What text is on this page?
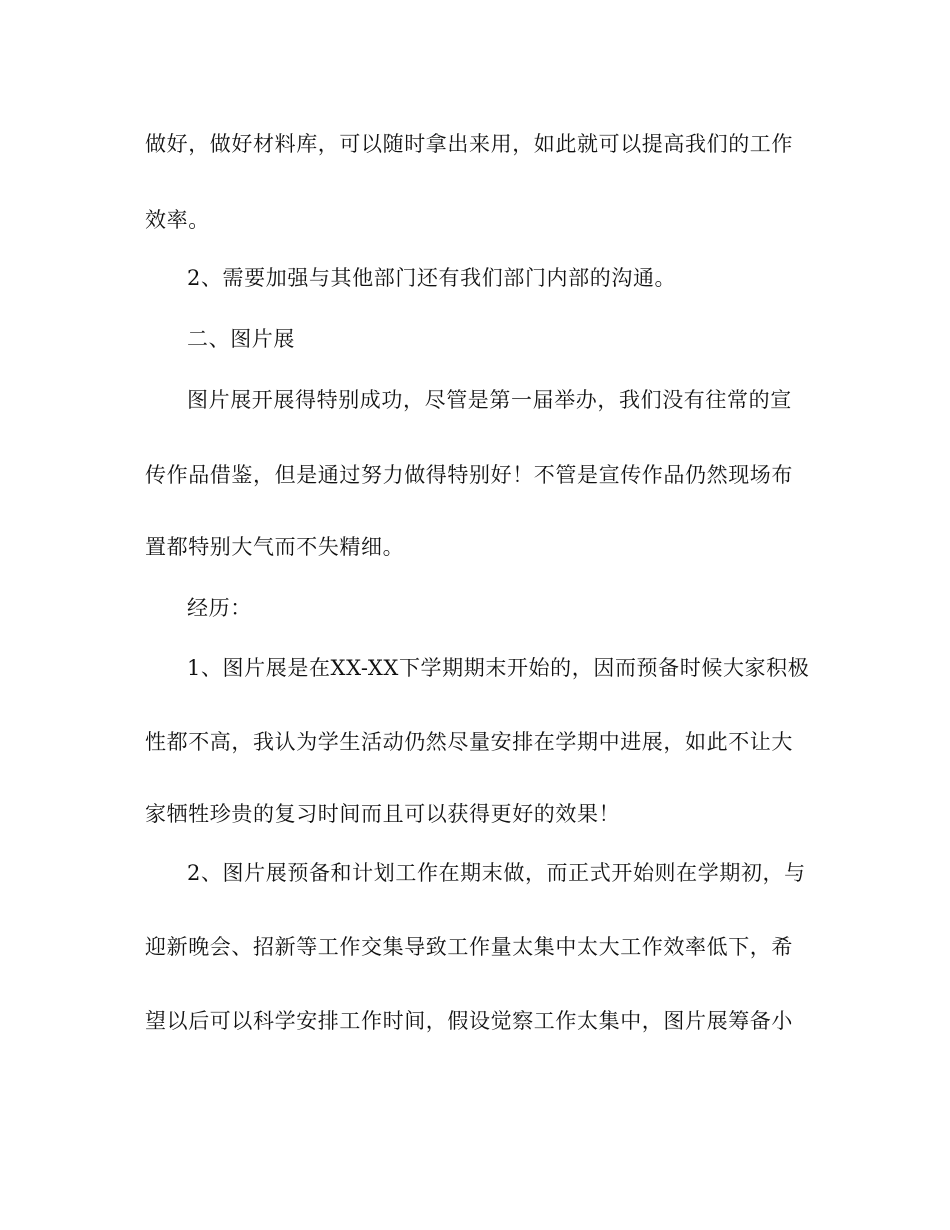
做好，做好材料库，可以随时拿出来用，如此就可以提高我们的工作
效率。
2、需要加强与其他部门还有我们部门内部的沟通。
二、图片展
图片展开展得特别成功，尽管是第一届举办，我们没有往常的宣
传作品借鉴，但是通过努力做得特别好！不管是宣传作品仍然现场布
置都特别大气而不失精细。
经历：
1、图片展是在XX-XX下学期期末开始的，因而预备时候大家积极
性都不高，我认为学生活动仍然尽量安排在学期中进展，如此不让大
家牺牲珍贵的复习时间而且可以获得更好的效果！
2、图片展预备和计划工作在期末做，而正式开始则在学期初，与
迎新晚会、招新等工作交集导致工作量太集中太大工作效率低下，希
望以后可以科学安排工作时间，假设觉察工作太集中，图片展筹备小
